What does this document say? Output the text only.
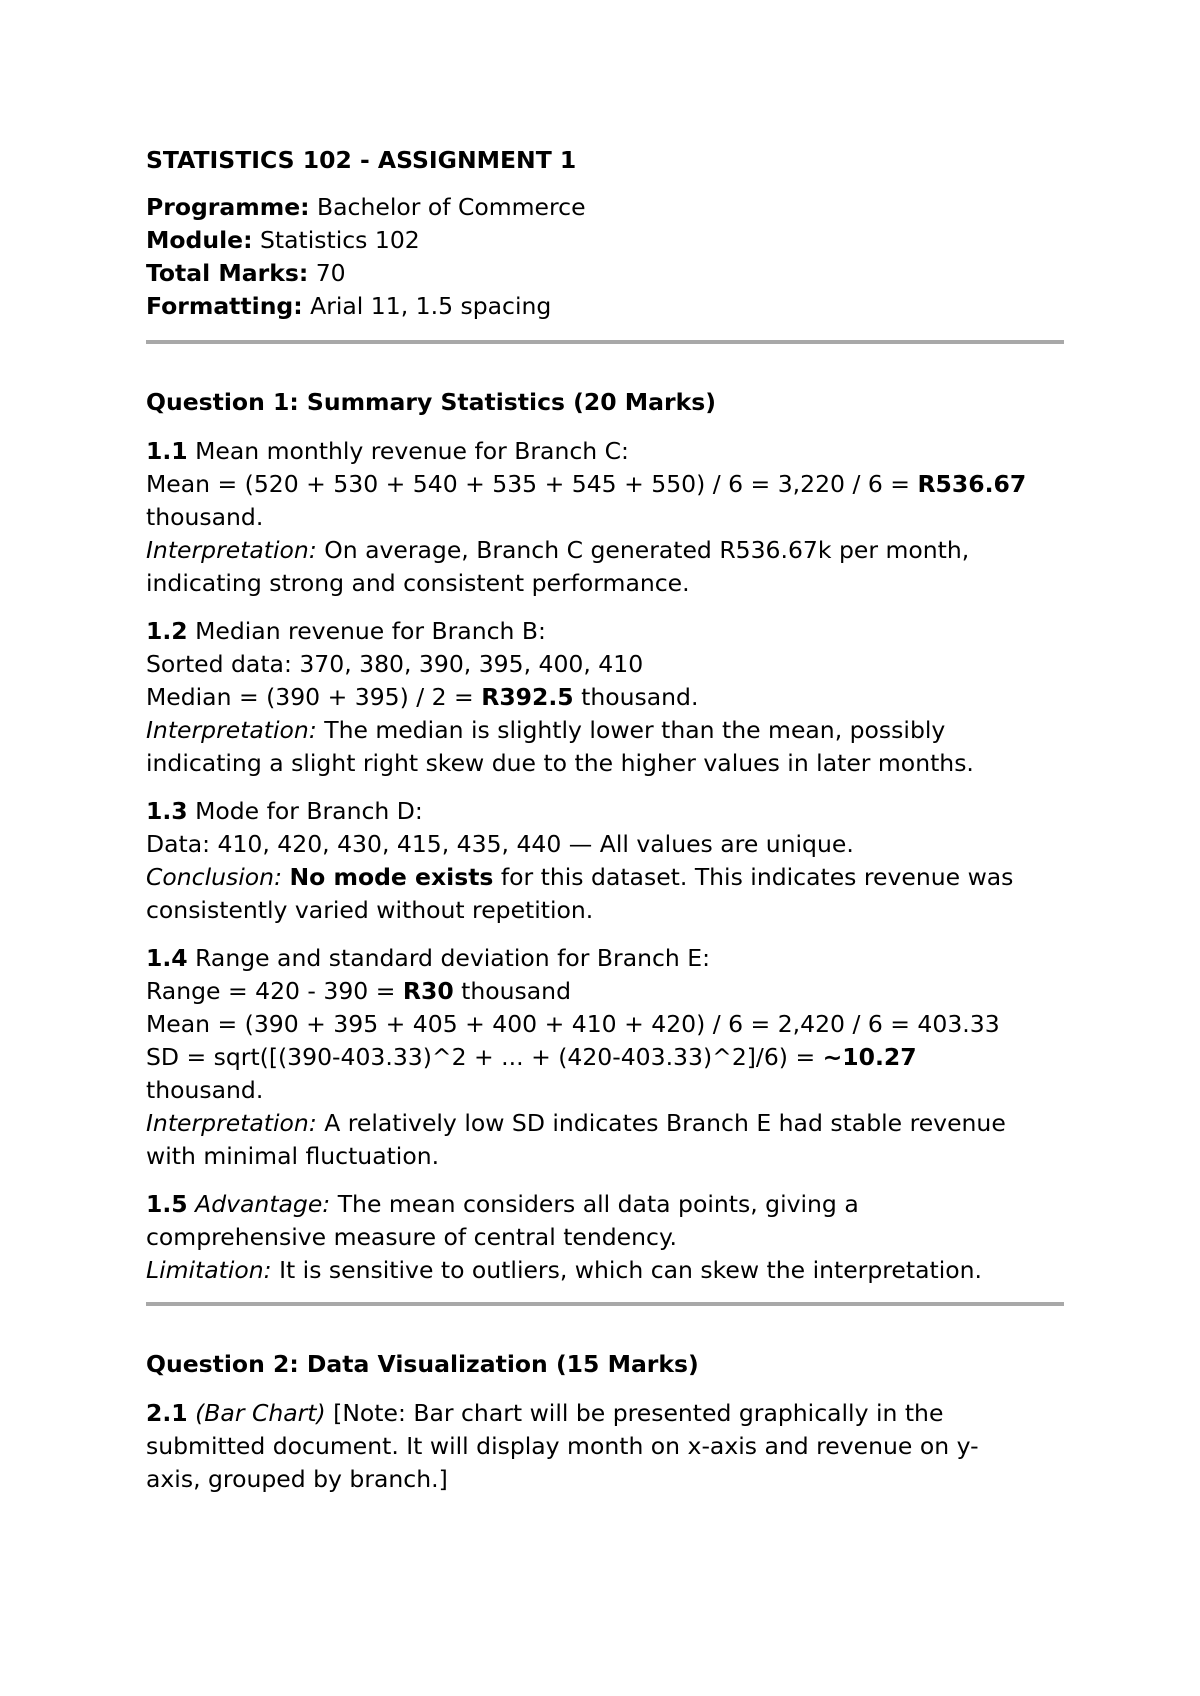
STATISTICS 102 - ASSIGNMENT 1

Programme: Bachelor of Commerce

Module: Statistics 102

Total Marks: 70

Formatting: Arial 11, 1.5 spacing

Question 1: Summary Statistics (20 Marks)

1.1 Mean monthly revenue for Branch C:

Mean = (520 + 530 + 540 + 535 + 545 + 550) / 6 = 3,220 / 6 = R536.67

thousand.

Interpretation: On average, Branch C generated R536.67k per month,

indicating strong and consistent performance.

1.2 Median revenue for Branch B:

Sorted data: 370, 380, 390, 395, 400, 410

Median = (390 + 395) / 2 = R392.5 thousand.

Interpretation: The median is slightly lower than the mean, possibly

indicating a slight right skew due to the higher values in later months.

1.3 Mode for Branch D:

Data: 410, 420, 430, 415, 435, 440 — All values are unique.

Conclusion: No mode exists for this dataset. This indicates revenue was

consistently varied without repetition.

1.4 Range and standard deviation for Branch E:

Range = 420 - 390 = R30 thousand

Mean = (390 + 395 + 405 + 400 + 410 + 420) / 6 = 2,420 / 6 = 403.33

SD = sqrt([(390-403.33)^2 + ... + (420-403.33)^2]/6) = ~10.27

thousand.

Interpretation: A relatively low SD indicates Branch E had stable revenue

with minimal fluctuation.

1.5 Advantage: The mean considers all data points, giving a

comprehensive measure of central tendency.

Limitation: It is sensitive to outliers, which can skew the interpretation.

Question 2: Data Visualization (15 Marks)

2.1 (Bar Chart) [Note: Bar chart will be presented graphically in the

submitted document. It will display month on x-axis and revenue on y-

axis, grouped by branch.]
